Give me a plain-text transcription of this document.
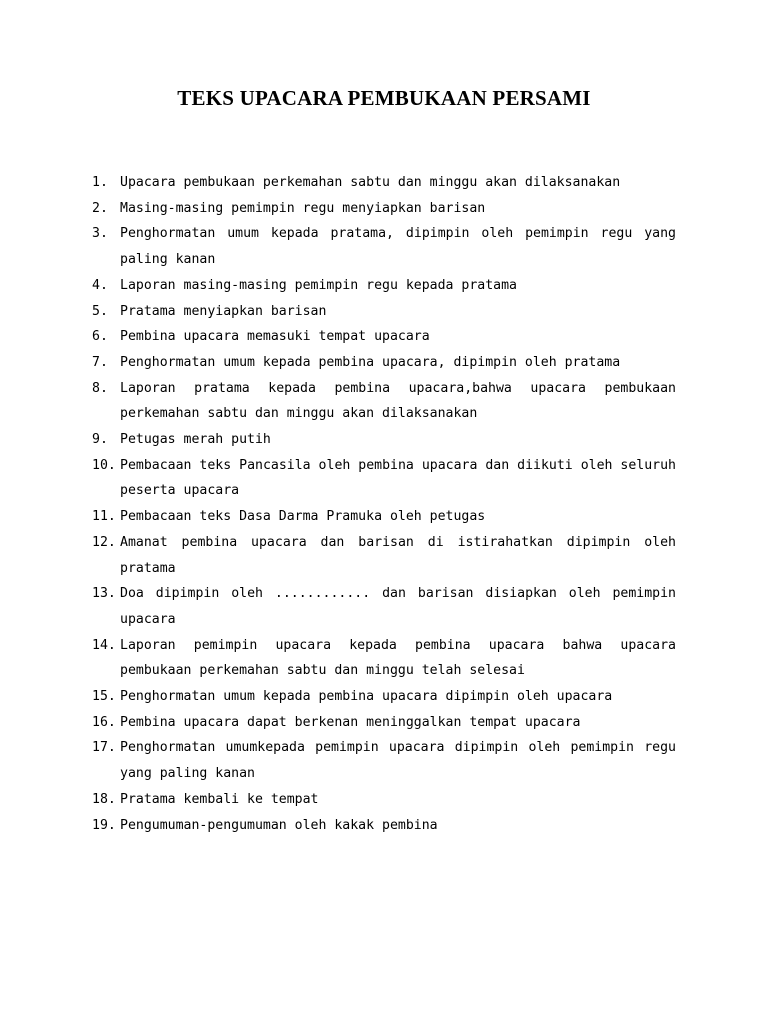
TEKS UPACARA PEMBUKAAN PERSAMI
1. Upacara pembukaan perkemahan sabtu dan minggu akan dilaksanakan
2. Masing-masing pemimpin regu menyiapkan barisan
3. Penghormatan umum kepada pratama, dipimpin oleh pemimpin regu yang paling kanan
4. Laporan masing-masing pemimpin regu kepada pratama
5. Pratama menyiapkan barisan
6. Pembina upacara memasuki tempat upacara
7. Penghormatan umum kepada pembina upacara, dipimpin oleh pratama
8. Laporan pratama kepada pembina upacara,bahwa upacara pembukaan perkemahan sabtu dan minggu akan dilaksanakan
9. Petugas merah putih
10. Pembacaan teks Pancasila oleh pembina upacara dan diikuti oleh seluruh peserta upacara
11. Pembacaan teks Dasa Darma Pramuka oleh petugas
12. Amanat pembina upacara dan barisan di istirahatkan dipimpin oleh pratama
13. Doa dipimpin oleh ............ dan barisan disiapkan oleh pemimpin upacara
14. Laporan pemimpin upacara kepada pembina upacara bahwa upacara pembukaan perkemahan sabtu dan minggu telah selesai
15. Penghormatan umum kepada pembina upacara dipimpin oleh upacara
16. Pembina upacara dapat berkenan meninggalkan tempat upacara
17. Penghormatan umumkepada pemimpin upacara dipimpin oleh pemimpin regu yang paling kanan
18. Pratama kembali ke tempat
19. Pengumuman-pengumuman oleh kakak pembina
